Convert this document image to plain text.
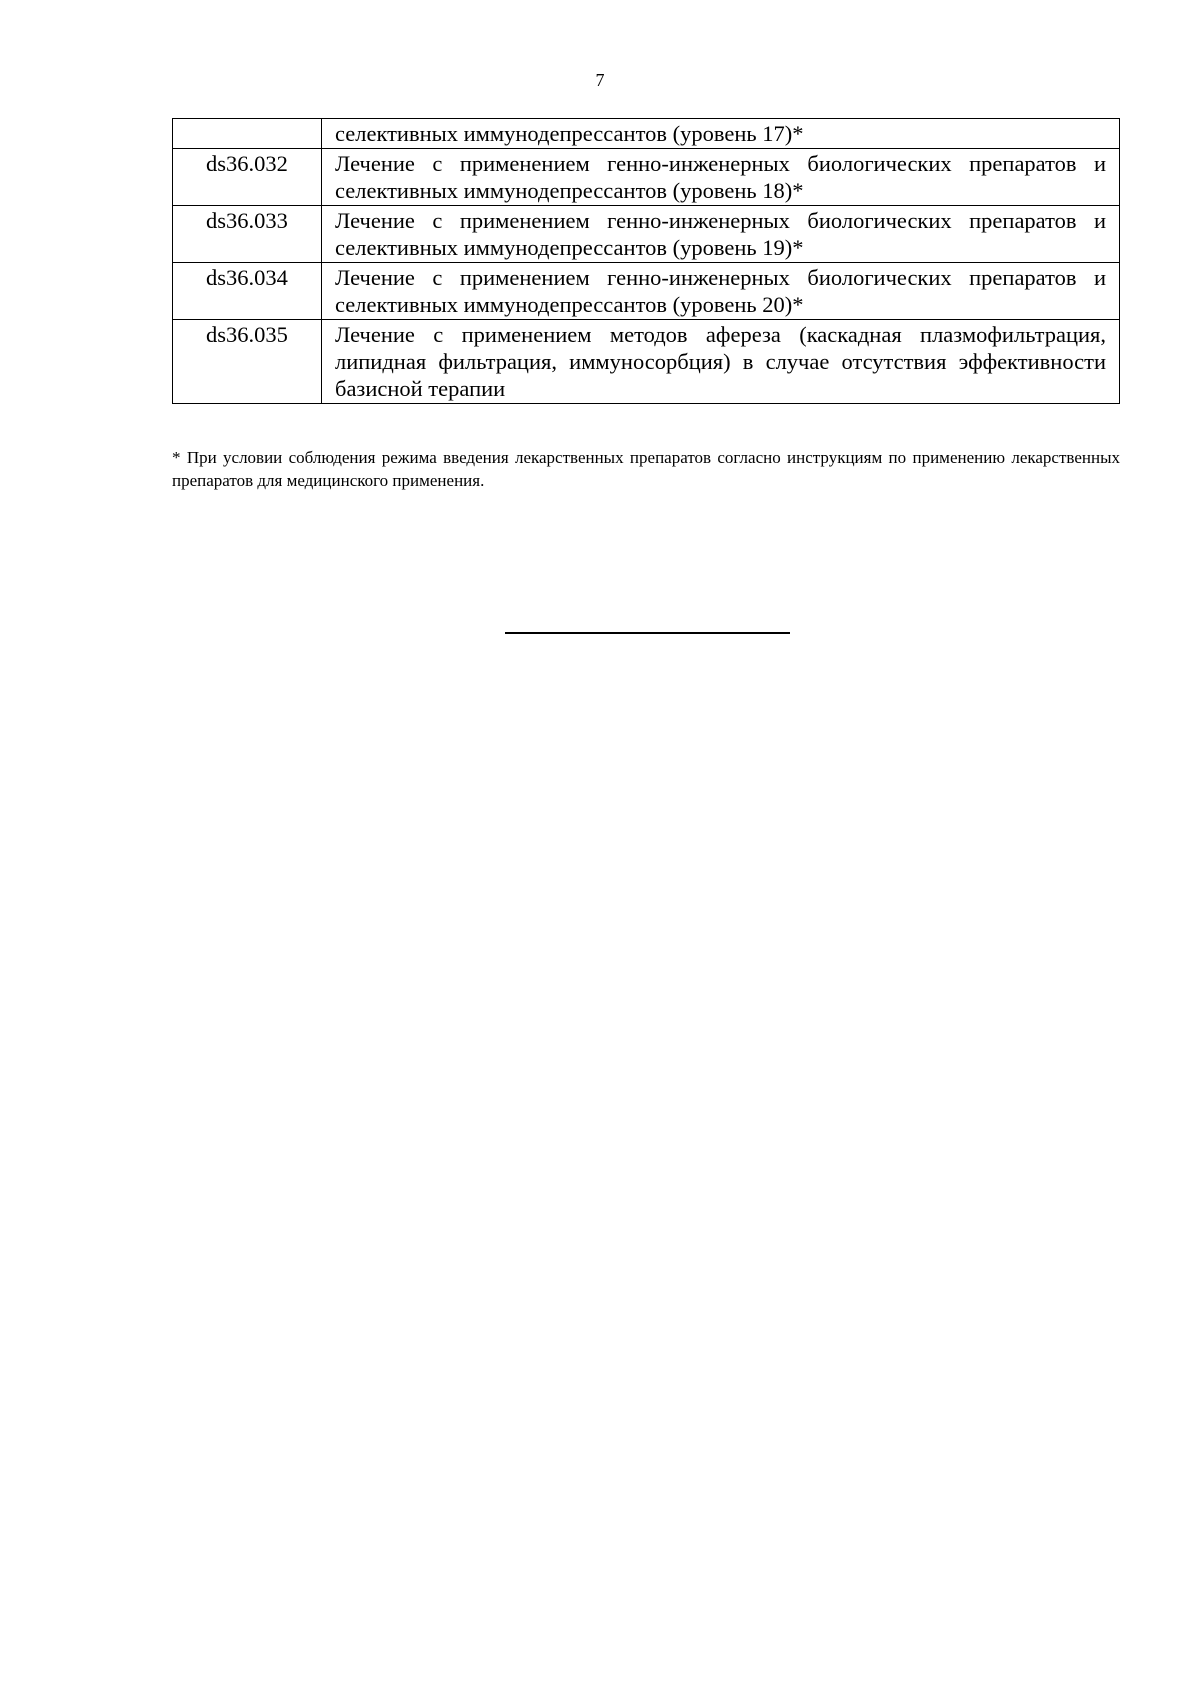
7
	селективных иммунодепрессантов (уровень 17)*
ds36.032	Лечение с применением генно-инженерных биологических препаратов и селективных иммунодепрессантов (уровень 18)*
ds36.033	Лечение с применением генно-инженерных биологических препаратов и селективных иммунодепрессантов (уровень 19)*
ds36.034	Лечение с применением генно-инженерных биологических препаратов и селективных иммунодепрессантов (уровень 20)*
ds36.035	Лечение с применением методов афереза (каскадная плазмофильтрация, липидная фильтрация, иммуносорбция) в случае отсутствия эффективности базисной терапии
* При условии соблюдения режима введения лекарственных препаратов согласно инструкциям по применению лекарственных препаратов для медицинского применения.
